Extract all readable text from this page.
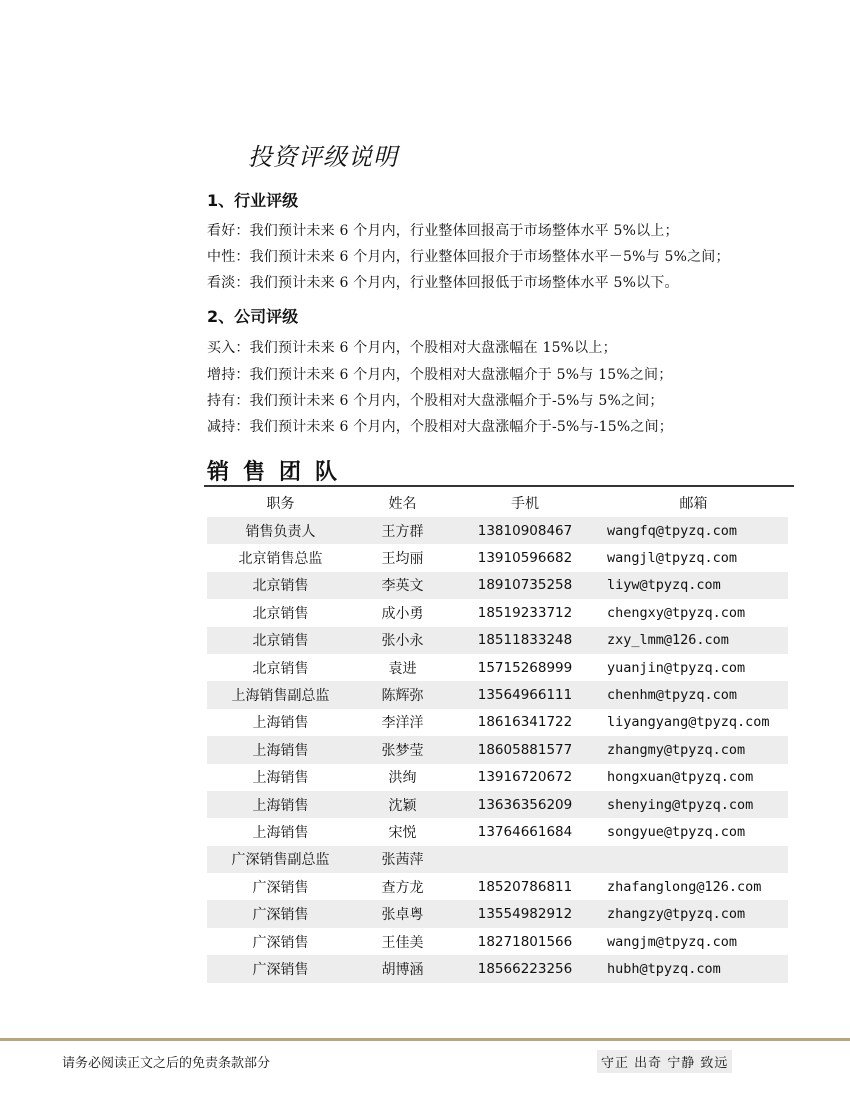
投资评级说明
1、行业评级
看好：我们预计未来 6 个月内，行业整体回报高于市场整体水平 5%以上；
中性：我们预计未来 6 个月内，行业整体回报介于市场整体水平－5%与 5%之间；
看淡：我们预计未来 6 个月内，行业整体回报低于市场整体水平 5%以下。
2、公司评级
买入：我们预计未来 6 个月内，个股相对大盘涨幅在 15%以上；
增持：我们预计未来 6 个月内，个股相对大盘涨幅介于 5%与 15%之间；
持有：我们预计未来 6 个月内，个股相对大盘涨幅介于-5%与 5%之间；
减持：我们预计未来 6 个月内，个股相对大盘涨幅介于-5%与-15%之间；
销售团队
职务	姓名	手机	邮箱
销售负责人	王方群	13810908467	wangfq@tpyzq.com
北京销售总监	王均丽	13910596682	wangjl@tpyzq.com
北京销售	李英文	18910735258	liyw@tpyzq.com
北京销售	成小勇	18519233712	chengxy@tpyzq.com
北京销售	张小永	18511833248	zxy_lmm@126.com
北京销售	袁进	15715268999	yuanjin@tpyzq.com
上海销售副总监	陈辉弥	13564966111	chenhm@tpyzq.com
上海销售	李洋洋	18616341722	liyangyang@tpyzq.com
上海销售	张梦莹	18605881577	zhangmy@tpyzq.com
上海销售	洪绚	13916720672	hongxuan@tpyzq.com
上海销售	沈颖	13636356209	shenying@tpyzq.com
上海销售	宋悦	13764661684	songyue@tpyzq.com
广深销售副总监	张茜萍		
广深销售	查方龙	18520786811	zhafanglong@126.com
广深销售	张卓粤	13554982912	zhangzy@tpyzq.com
广深销售	王佳美	18271801566	wangjm@tpyzq.com
广深销售	胡博涵	18566223256	hubh@tpyzq.com
请务必阅读正文之后的免责条款部分	守正 出奇 宁静 致远
